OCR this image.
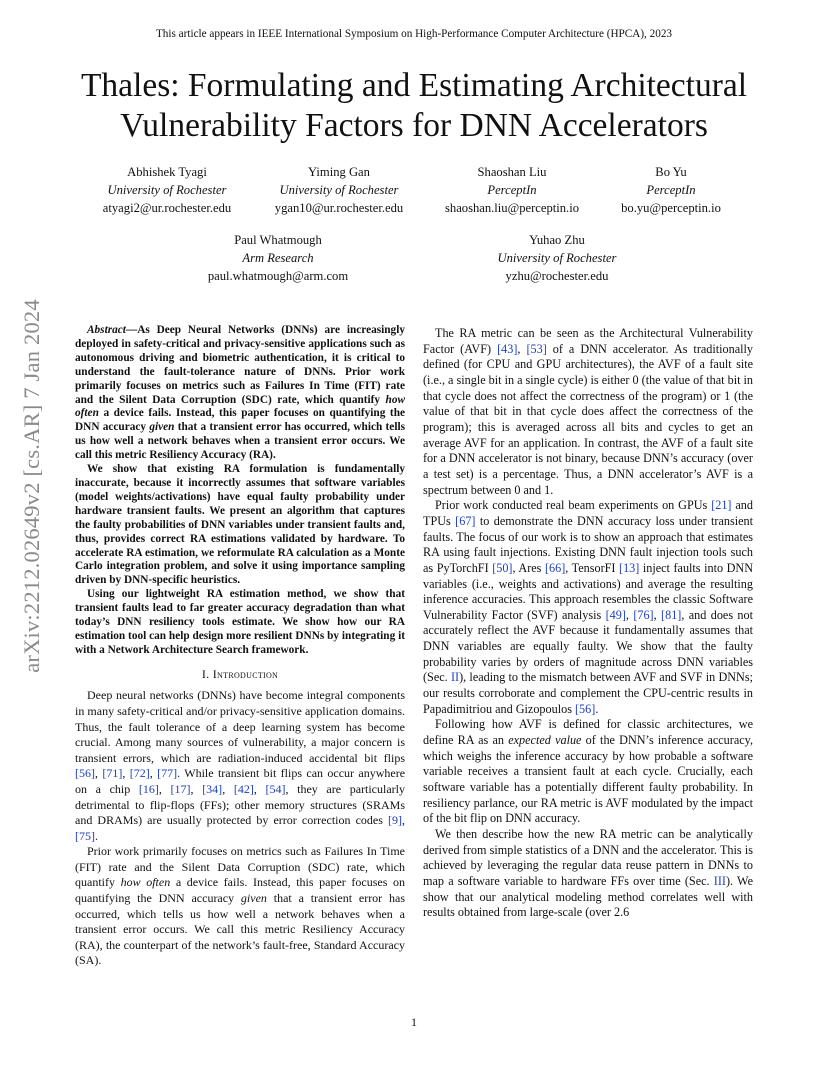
This article appears in IEEE International Symposium on High-Performance Computer Architecture (HPCA), 2023
Thales: Formulating and Estimating Architectural Vulnerability Factors for DNN Accelerators
Abhishek Tyagi
University of Rochester
atyagi2@ur.rochester.edu
Yiming Gan
University of Rochester
ygan10@ur.rochester.edu
Shaoshan Liu
PerceptIn
shaoshan.liu@perceptin.io
Bo Yu
PerceptIn
bo.yu@perceptin.io
Paul Whatmough
Arm Research
paul.whatmough@arm.com
Yuhao Zhu
University of Rochester
yzhu@rochester.edu
arXiv:2212.02649v2 [cs.AR] 7 Jan 2024	Abstract—As Deep Neural Networks (DNNs) are increasingly deployed in safety-critical and privacy-sensitive applications such as autonomous driving and biometric authentication, it is critical to understand the fault-tolerance nature of DNNs. Prior work primarily focuses on metrics such as Failures In Time (FIT) rate and the Silent Data Corruption (SDC) rate, which quantify how often a device fails. Instead, this paper focuses on quantifying the DNN accuracy given that a transient error has occurred, which tells us how well a network behaves when a transient error occurs. We call this metric Resiliency Accuracy (RA).

We show that existing RA formulation is fundamentally inaccurate, because it incorrectly assumes that software variables (model weights/activations) have equal faulty probability under hardware transient faults. We present an algorithm that captures the faulty probabilities of DNN variables under transient faults and, thus, provides correct RA estimations validated by hardware. To accelerate RA estimation, we reformulate RA calculation as a Monte Carlo integration problem, and solve it using importance sampling driven by DNN-specific heuristics.

Using our lightweight RA estimation method, we show that transient faults lead to far greater accuracy degradation than what today’s DNN resiliency tools estimate. We show how our RA estimation tool can help design more resilient DNNs by integrating it with a Network Architecture Search framework.

I. Introduction

Deep neural networks (DNNs) have become integral components in many safety-critical and/or privacy-sensitive application domains. Thus, the fault tolerance of a deep learning system has become crucial. Among many sources of vulnerability, a major concern is transient errors, which are radiation-induced accidental bit flips [56], [71], [72], [77]. While transient bit flips can occur anywhere on a chip [16], [17], [34], [42], [54], they are particularly detrimental to flip-flops (FFs); other memory structures (SRAMs and DRAMs) are usually protected by error correction codes [9], [75].

Prior work primarily focuses on metrics such as Failures In Time (FIT) rate and the Silent Data Corruption (SDC) rate, which quantify how often a device fails. Instead, this paper focuses on quantifying the DNN accuracy given that a transient error has occurred, which tells us how well a network behaves when a transient error occurs. We call this metric Resiliency Accuracy (RA), the counterpart of the network’s fault-free, Standard Accuracy (SA).

The RA metric can be seen as the Architectural Vulnerability Factor (AVF) [43], [53] of a DNN accelerator. As traditionally defined (for CPU and GPU architectures), the AVF of a fault site (i.e., a single bit in a single cycle) is either 0 (the value of that bit in that cycle does not affect the correctness of the program) or 1 (the value of that bit in that cycle does affect the correctness of the program); this is averaged across all bits and cycles to get an average AVF for an application. In contrast, the AVF of a fault site for a DNN accelerator is not binary, because DNN’s accuracy (over a test set) is a percentage. Thus, a DNN accelerator’s AVF is a spectrum between 0 and 1.

Prior work conducted real beam experiments on GPUs [21] and TPUs [67] to demonstrate the DNN accuracy loss under transient faults. The focus of our work is to show an approach that estimates RA using fault injections. Existing DNN fault injection tools such as PyTorchFI [50], Ares [66], TensorFI [13] inject faults into DNN variables (i.e., weights and activations) and average the resulting inference accuracies. This approach resembles the classic Software Vulnerability Factor (SVF) analysis [49], [76], [81], and does not accurately reflect the AVF because it fundamentally assumes that DNN variables are equally faulty. We show that the faulty probability varies by orders of magnitude across DNN variables (Sec. II), leading to the mismatch between AVF and SVF in DNNs; our results corroborate and complement the CPU-centric results in Papadimitriou and Gizopoulos [56].

Following how AVF is defined for classic architectures, we define RA as an expected value of the DNN’s inference accuracy, which weighs the inference accuracy by how probable a software variable receives a transient fault at each cycle. Crucially, each software variable has a potentially different faulty probability. In resiliency parlance, our RA metric is AVF modulated by the impact of the bit flip on DNN accuracy.

We then describe how the new RA metric can be analytically derived from simple statistics of a DNN and the accelerator. This is achieved by leveraging the regular data reuse pattern in DNNs to map a software variable to hardware FFs over time (Sec. III). We show that our analytical modeling method correlates well with results obtained from large-scale (over 2.6

1
